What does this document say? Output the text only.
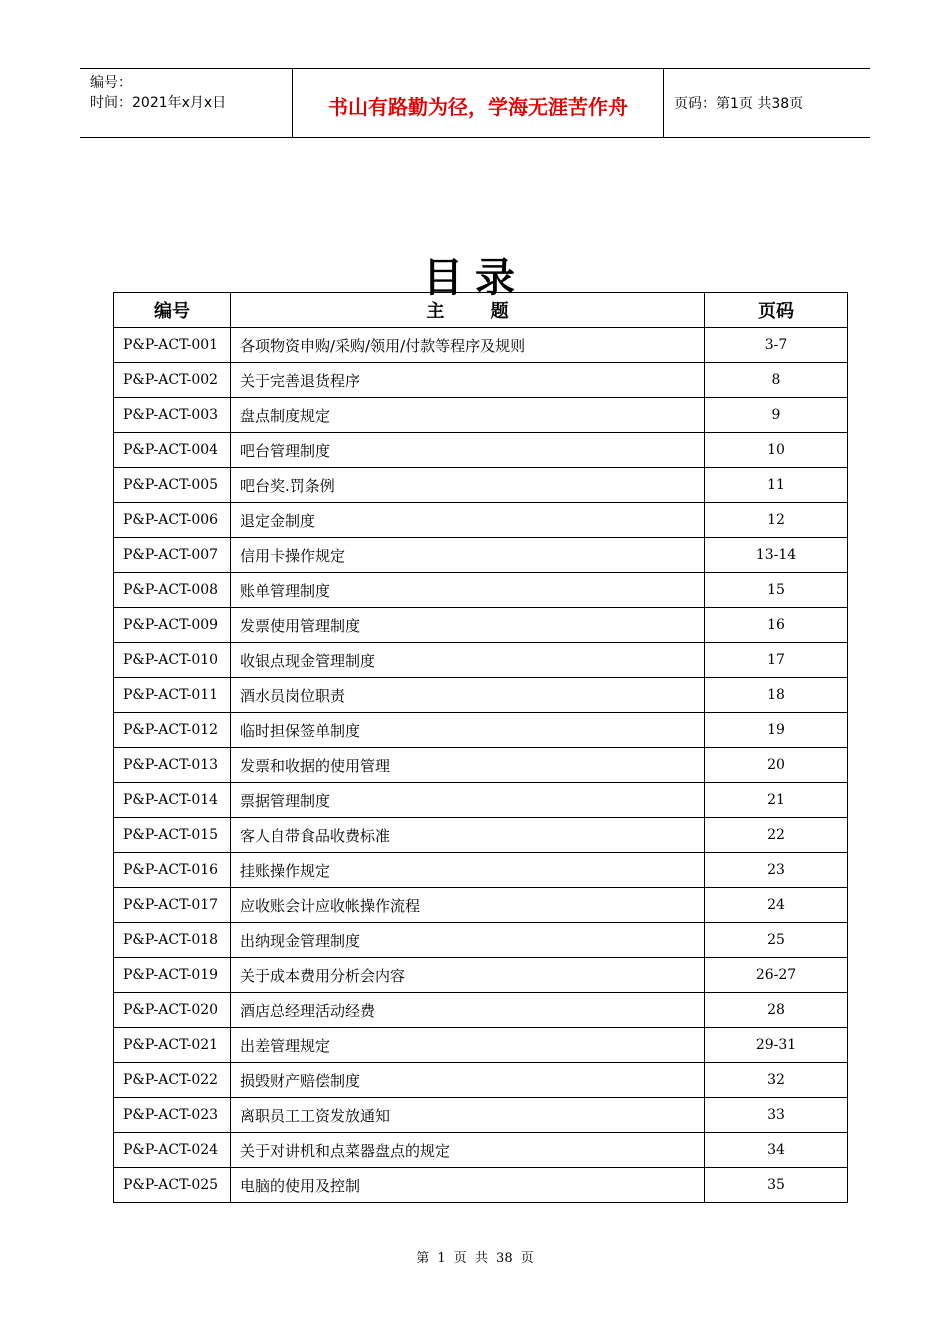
编号：
时间：2021年x月x日	书山有路勤为径，学海无涯苦作舟	页码：第1页 共38页
目录
编号	主 题	页码
P&P-ACT-001	各项物资申购/采购/领用/付款等程序及规则	3-7
P&P-ACT-002	关于完善退货程序	8
P&P-ACT-003	盘点制度规定	9
P&P-ACT-004	吧台管理制度	10
P&P-ACT-005	吧台奖.罚条例	11
P&P-ACT-006	退定金制度	12
P&P-ACT-007	信用卡操作规定	13-14
P&P-ACT-008	账单管理制度	15
P&P-ACT-009	发票使用管理制度	16
P&P-ACT-010	收银点现金管理制度	17
P&P-ACT-011	酒水员岗位职责	18
P&P-ACT-012	临时担保签单制度	19
P&P-ACT-013	发票和收据的使用管理	20
P&P-ACT-014	票据管理制度	21
P&P-ACT-015	客人自带食品收费标准	22
P&P-ACT-016	挂账操作规定	23
P&P-ACT-017	应收账会计应收帐操作流程	24
P&P-ACT-018	出纳现金管理制度	25
P&P-ACT-019	关于成本费用分析会内容	26-27
P&P-ACT-020	酒店总经理活动经费	28
P&P-ACT-021	出差管理规定	29-31
P&P-ACT-022	损毁财产赔偿制度	32
P&P-ACT-023	离职员工工资发放通知	33
P&P-ACT-024	关于对讲机和点菜器盘点的规定	34
P&P-ACT-025	电脑的使用及控制	35
第 1 页 共 38 页
